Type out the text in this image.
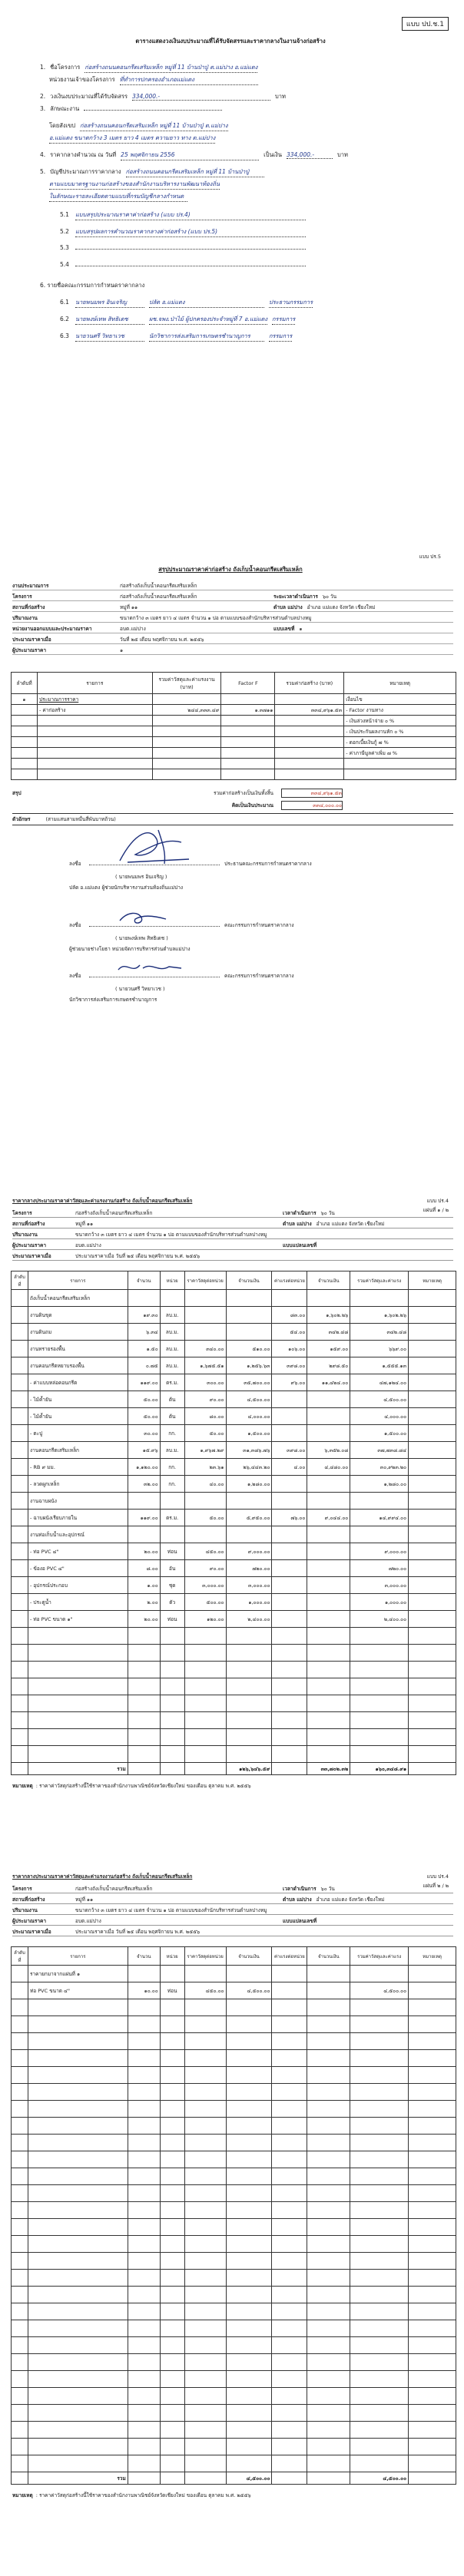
แบบ ปป.ช.1
ตารางแสดงวงเงินงบประมาณที่ได้รับจัดสรรและราคากลางในงานจ้างก่อสร้าง
1. ชื่อโครงการ ก่อสร้างถนนคอนกรีตเสริมเหล็ก หมู่ที่ 11 บ้านป่าปู่ ต.แม่ปาง อ.แม่แตง
หน่วยงานเจ้าของโครงการ ที่ทำการปกครองอำเภอแม่แตง
2. วงเงินงบประมาณที่ได้รับจัดสรร 334,000.-	บาท
3. ลักษณะงาน
โดยสังเขป ก่อสร้างถนนคอนกรีตเสริมเหล็ก หมู่ที่ 11 บ้านป่าปู่ ต.แม่ปาง
อ.แม่แตง ขนาดกว้าง 3 เมตร ยาว 4 เมตร ความยาว ทาง ต.แม่ปาง
4. ราคากลางคำนวณ ณ วันที่ 25 พฤศจิกายน 2556	เป็นเงิน 334,000.-	บาท
5. บัญชีประมาณการราคากลาง ก่อสร้างถนนคอนกรีตเสริมเหล็ก หมู่ที่ 11 บ้านป่าปู่
ตามแบบมาตรฐานงานก่อสร้างของสำนักงานบริหารงานพัฒนาท้องถิ่น
ในลักษณะรายละเอียดตามแบบที่กรมบัญชีกลางกำหนด
5.1 แบบสรุปประมาณราคาค่าก่อสร้าง (แบบ ปร.4)
5.2 แบบสรุปผลการคำนวณราคากลางค่าก่อสร้าง (แบบ ปร.5)
5.3
5.4
6. รายชื่อคณะกรรมการกำหนดราคากลาง
6.1 นายพนมพร อินเจริญ	ปลัด อ.แม่แตง	ประธานกรรมการ
6.2 นายพงษ์เทพ สิทธิเดช	ผช.จพง.ป่าไม้ ผู้ปกครองประจำหมู่ที่ 7 อ.แม่แตง กรรมการ
6.3 นายวนศรี วิทยาเวช	นักวิชาการส่งเสริมการเกษตรชำนาญการ	กรรมการ
แบบ ปร.5
สรุปประมาณราคาค่าก่อสร้าง ถังเก็บน้ำคอนกรีตเสริมเหล็ก
งานประมาณการ	ก่อสร้างถังเก็บน้ำคอนกรีตเสริมเหล็ก
โครงการ	ก่อสร้างถังเก็บน้ำคอนกรีตเสริมเหล็ก	ระยะเวลาดำเนินการ ๖๐ วัน
สถานที่ก่อสร้าง	หมู่ที่ ๑๑	ตำบล แม่ปาง อำเภอ แม่แตง จังหวัด เชียงใหม่
ปริมาณงาน	ขนาดกว้าง ๓ เมตร ยาว ๔ เมตร จำนวน ๑ บ่อ ตามแบบของสำนักบริหารส่วนตำบลปางหมู
หน่วยงานออกแบบและประมาณราคา	อบต.แม่ปาง	แบบเลขที่ ๑
ประมาณราคาเมื่อ	วันที่ ๒๕ เดือน พฤศจิกายน พ.ศ. ๒๕๕๖
ผู้ประมาณราคา	๑
ลำดับที่	รายการ	รวมค่าวัสดุและค่าแรงงาน (บาท)	Factor F	รวมค่าก่อสร้าง (บาท)	หมายเหตุ
๑	ประมาณการราคา				เงื่อนไข
	- ค่าก่อสร้าง	๒๔๔,๓๓๓.๔๙	๑.๓๗๑๑	๓๓๔,๙๖๑.๕๓	- Factor งานทาง
					- เงินล่วงหน้าจ่าย ๐ %
					- เงินประกันผลงานหัก ๐ %
					- ดอกเบี้ยเงินกู้ ๗ %
					- ค่าภาษีมูลค่าเพิ่ม ๗ %

สรุป	รวมค่าก่อสร้างเป็นเงินทั้งสิ้น	๓๓๔,๙๖๑.๕๓
คิดเป็นเงินประมาณ	๓๓๔,๐๐๐.๐๐
ตัวอักษร	(สามแสนสามหมื่นสี่พันบาทถ้วน)
ลงชื่อ	ประธานคณะกรรมการกำหนดราคากลาง
( นายพนมพร อินเจริญ )
ปลัด อ.แม่แตง ผู้ช่วยนักบริหารงานส่วนท้องถิ่นแม่ปาง
ลงชื่อ	คณะกรรมการกำหนดราคากลาง
( นายพงษ์เทพ สิทธิเดช )
ผู้ช่วยนายช่างโยธา หน่วยจัดการบริหารส่วนตำบลแม่ปาง
ลงชื่อ	คณะกรรมการกำหนดราคากลาง
( นายวนศรี วิทยาเวช )
นักวิชาการส่งเสริมการเกษตรชำนาญการ
แบบ ปร.4
แผ่นที่ ๑ / ๒
ราคากลางประมาณราคาค่าวัสดุและค่าแรงงานก่อสร้าง ถังเก็บน้ำคอนกรีตเสริมเหล็ก
โครงการ	ก่อสร้างถังเก็บน้ำคอนกรีตเสริมเหล็ก	เวลาดำเนินการ ๖๐ วัน
สถานที่ก่อสร้าง	หมู่ที่ ๑๑	ตำบล แม่ปาง อำเภอ แม่แตง จังหวัด เชียงใหม่
ปริมาณงาน	ขนาดกว้าง ๓ เมตร ยาว ๔ เมตร จำนวน ๑ บ่อ ตามแบบของสำนักบริหารส่วนตำบลปางหมู
ผู้ประมาณราคา	อบต.แม่ปาง	แบบแปลนเลขที่
ประมาณราคาเมื่อ	ประมาณราคาเมื่อ วันที่ ๒๕ เดือน พฤศจิกายน พ.ศ. ๒๕๕๖
ลำดับที่	รายการ	จำนวน	หน่วย	ราคาวัสดุต่อหน่วย	จำนวนเงิน	ค่าแรงต่อหน่วย	จำนวนเงิน	รวมค่าวัสดุและค่าแรง	หมายเหตุ
	ถังเก็บน้ำคอนกรีตเสริมเหล็ก								
	งานดินขุด	๑๙.๓๐	ลบ.ม.			๘๓.๐๐	๑,๖๐๒.๒๖	๑,๖๐๒.๒๖	
	งานดินถม	๖.๓๔	ลบ.ม.			๕๔.๐๐	๓๔๒.๔๘	๓๔๒.๔๘	
	งานทรายรองพื้น	๑.๕๐	ลบ.ม.	๓๔๐.๐๐	๕๑๐.๐๐	๑๐๖.๐๐	๑๕๙.๐๐	๖๖๙.๐๐	
	งานคอนกรีตหยาบรองพื้น	๐.๗๕	ลบ.ม.	๑,๖๗๕.๕๑	๑,๒๕๖.๖๓	๓๙๘.๐๐	๒๙๘.๕๐	๑,๕๕๕.๑๓	
	- ค่าแบบหล่อคอนกรีต	๑๑๙.๐๐	ตร.ม.	๓๐๐.๐๐	๓๕,๗๐๐.๐๐	๙๖.๐๐	๑๑,๔๒๔.๐๐	๔๗,๑๒๔.๐๐	
	- ไม้ค้ำยัน	๕๐.๐๐	ต้น	๙๐.๐๐	๔,๕๐๐.๐๐			๔,๕๐๐.๐๐	
	- ไม้ค้ำยัน	๕๐.๐๐	ต้น	๘๐.๐๐	๔,๐๐๐.๐๐			๔,๐๐๐.๐๐	
	- ตะปู	๓๐.๐๐	กก.	๕๐.๐๐	๑,๕๐๐.๐๐			๑,๕๐๐.๐๐	
	งานคอนกรีตเสริมเหล็ก	๑๕.๙๖	ลบ.ม.	๑,๙๖๗.๒๙	๓๑,๓๘๖.๗๖	๓๙๘.๐๐	๖,๓๕๒.๐๘	๓๗,๗๓๘.๘๔	
	- RB ๙ มม.	๑,๑๒๐.๐๐	กก.	๒๓.๖๑	๒๖,๔๔๓.๒๐	๔.๐๐	๔,๔๘๐.๐๐	๓๐,๙๒๓.๒๐	
	- ลวดผูกเหล็ก	๓๒.๐๐	กก.	๔๐.๐๐	๑,๒๘๐.๐๐			๑,๒๘๐.๐๐	
	งานฉาบผนัง								
	- ฉาบผนังเรียบภายใน	๑๑๙.๐๐	ตร.ม.	๕๐.๐๐	๕,๙๕๐.๐๐	๗๖.๐๐	๙,๐๔๔.๐๐	๑๔,๙๙๔.๐๐	
	งานท่อเก็บน้ำและอุปกรณ์								
	- ท่อ PVC ๔"	๒๐.๐๐	ท่อน	๔๕๐.๐๐	๙,๐๐๐.๐๐			๙,๐๐๐.๐๐	
	- ข้องอ PVC ๔"	๘.๐๐	อัน	๙๐.๐๐	๗๒๐.๐๐			๗๒๐.๐๐	
	- อุปกรณ์ประกอบ	๑.๐๐	ชุด	๓,๐๐๐.๐๐	๓,๐๐๐.๐๐			๓,๐๐๐.๐๐	
	- ประตูน้ำ	๒.๐๐	ตัว	๕๐๐.๐๐	๑,๐๐๐.๐๐			๑,๐๐๐.๐๐	
	- ท่อ PVC ขนาด ๑"	๒๐.๐๐	ท่อน	๑๒๐.๐๐	๒,๔๐๐.๐๐			๒,๔๐๐.๐๐	

	รวม				๑๒๖,๖๔๖.๕๙		๓๓,๗๐๒.๓๒	๑๖๐,๓๔๘.๙๑	
หมายเหตุ : ราคาค่าวัสดุก่อสร้างนี้ใช้ราคาของสำนักงานพาณิชย์จังหวัดเชียงใหม่ ของเดือน ตุลาคม พ.ศ. ๒๕๕๖
แบบ ปร.4
แผ่นที่ ๒ / ๒
ราคากลางประมาณราคาค่าวัสดุและค่าแรงงานก่อสร้าง ถังเก็บน้ำคอนกรีตเสริมเหล็ก
โครงการ	ก่อสร้างถังเก็บน้ำคอนกรีตเสริมเหล็ก	เวลาดำเนินการ ๖๐ วัน
สถานที่ก่อสร้าง	หมู่ที่ ๑๑	ตำบล แม่ปาง อำเภอ แม่แตง จังหวัด เชียงใหม่
ปริมาณงาน	ขนาดกว้าง ๓ เมตร ยาว ๔ เมตร จำนวน ๑ บ่อ ตามแบบของสำนักบริหารส่วนตำบลปางหมู
ผู้ประมาณราคา	อบต.แม่ปาง	แบบแปลนเลขที่
ประมาณราคาเมื่อ	ประมาณราคาเมื่อ วันที่ ๒๕ เดือน พฤศจิกายน พ.ศ. ๒๕๕๖
ลำดับที่	รายการ	จำนวน	หน่วย	ราคาวัสดุต่อหน่วย	จำนวนเงิน	ค่าแรงต่อหน่วย	จำนวนเงิน	รวมค่าวัสดุและค่าแรง	หมายเหตุ
	ราคายกมาจากแผ่นที่ ๑								
	ท่อ PVC ขนาด ๔"	๑๐.๐๐	ท่อน	๔๕๐.๐๐	๔,๕๐๐.๐๐			๔,๕๐๐.๐๐	

	รวม				๔,๕๐๐.๐๐			๔,๕๐๐.๐๐	
หมายเหตุ : ราคาค่าวัสดุก่อสร้างนี้ใช้ราคาของสำนักงานพาณิชย์จังหวัดเชียงใหม่ ของเดือน ตุลาคม พ.ศ. ๒๕๕๖
